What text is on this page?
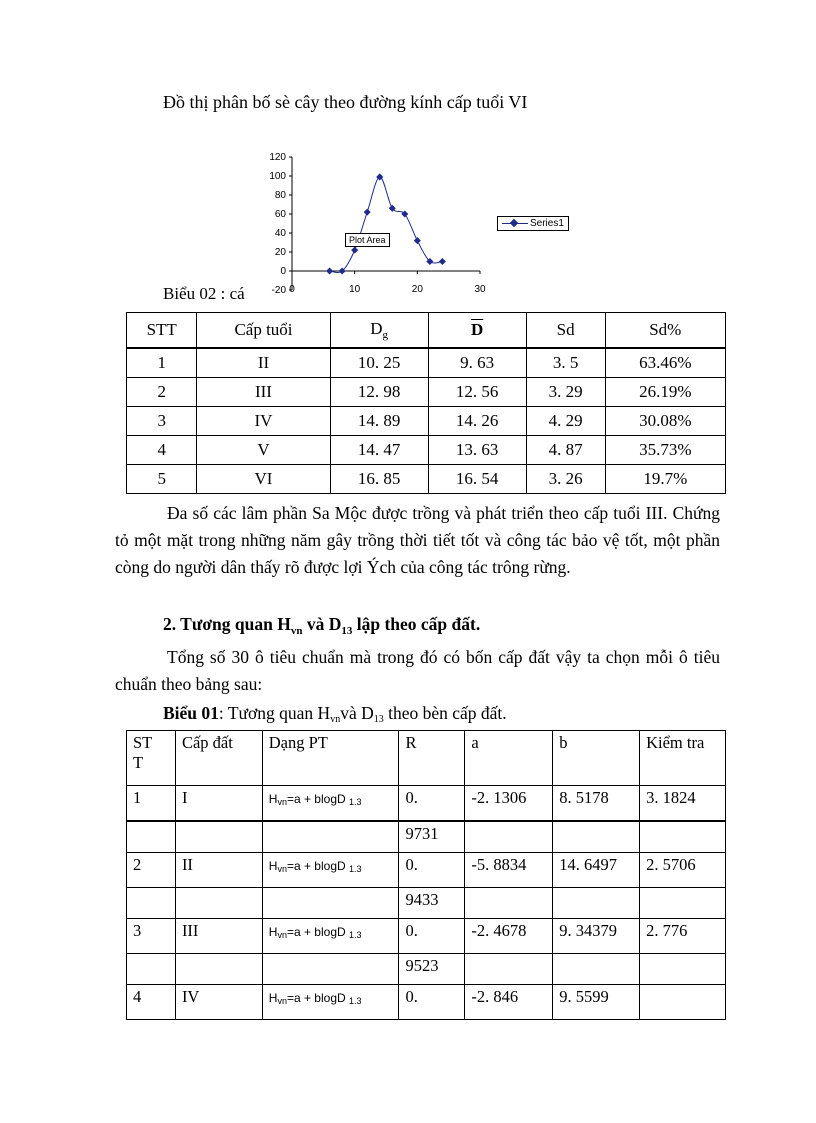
Đồ thị phân bố sè cây theo đường kính cấp tuổi VI
-20
0
20
40
60
80
100
120
0	10	20	30
Series1
Plot Area
Biểu 02 : cá
STT	Cấp tuổi	$D_g$	$\overline{D}$	Sd	Sd%
1	II	10. 25	9. 63	3. 5	63.46%
2	III	12. 98	12. 56	3. 29	26.19%
3	IV	14. 89	14. 26	4. 29	30.08%
4	V	14. 47	13. 63	4. 87	35.73%
5	VI	16. 85	16. 54	3. 26	19.7%
Đa số các lâm phần Sa Mộc được trồng và phát triển theo cấp tuổi III. Chứng tỏ một mặt trong những năm gây trồng thời tiết tốt và công tác bảo vệ tốt, một phần còng do người dân thấy rõ được lợi Ých của công tác trông rừng.
2. Tương quan $H_{vn}$ và $D_{13}$ lập theo cấp đất.
Tổng số 30 ô tiêu chuẩn mà trong đó có bốn cấp đất vậy ta chọn mỗi ô tiêu chuẩn theo bảng sau:
Biểu 01: Tương quan Hvnvà D13 theo bèn cấp đất.
ST
T	Cấp đất	Dạng PT	R	a	b	Kiểm tra
1	I	Hvn=a + blogD 1.3	0.	-2. 1306	8. 5178	3. 1824
			9731			
2	II	Hvn=a + blogD 1.3	0.	-5. 8834	14. 6497	2. 5706
			9433			
3	III	Hvn=a + blogD 1.3	0.	-2. 4678	9. 34379	2. 776
			9523			
4	IV	Hvn=a + blogD 1.3	0.	-2. 846	9. 5599	
